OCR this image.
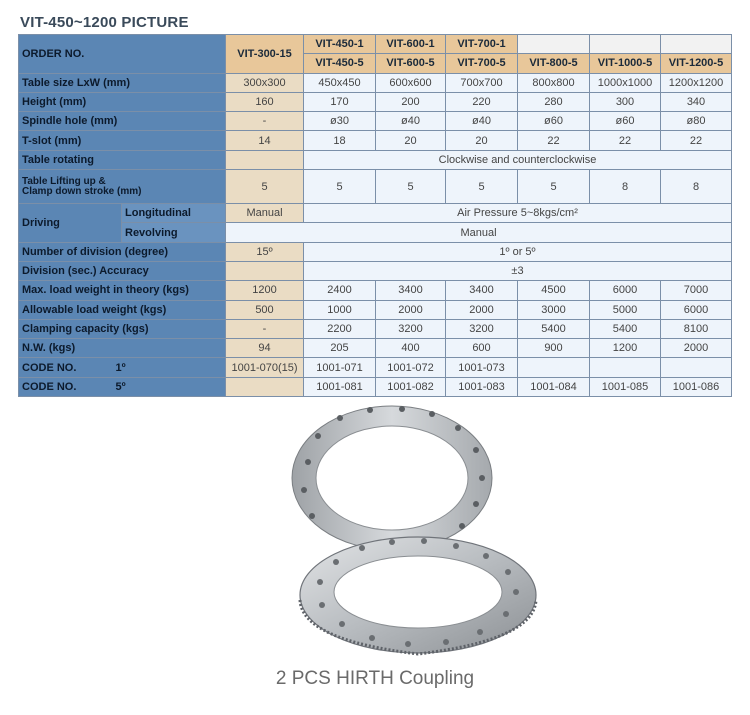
VIT-450~1200 PICTURE
ORDER NO.		VIT-300-15	VIT-450-1	VIT-600-1	VIT-700-1			
			VIT-450-5	VIT-600-5	VIT-700-5	VIT-800-5	VIT-1000-5	VIT-1200-5
Table size LxW (mm)		300x300	450x450	600x600	700x700	800x800	1000x1000	1200x1200
Height (mm)		160	170	200	220	280	300	340
Spindle hole (mm)		-	ø30	ø40	ø40	ø60	ø60	ø80
T-slot (mm)		14	18	20	20	22	22	22
Table rotating			Clockwise and counterclockwise					
Table Lifting up &
Clamp down stroke (mm)		5	5	5	5	5	8	8
Driving	Longitudinal	Manual	Air Pressure 5~8kgs/cm²					
	Revolving	Manual						
Number of division (degree)		15º	1º or 5º					
Division (sec.) Accuracy			±3					
Max. load weight in theory (kgs)		1200	2400	3400	3400	4500	6000	7000
Allowable load weight (kgs)		500	1000	2000	2000	3000	5000	6000
Clamping capacity (kgs)		-	2200	3200	3200	5400	5400	8100
N.W. (kgs)		94	205	400	600	900	1200	2000
CODE NO. 1º		1001-070(15)	1001-071	1001-072	1001-073			
CODE NO. 5º			1001-081	1001-082	1001-083	1001-084	1001-085	1001-086
2 PCS HIRTH Coupling
